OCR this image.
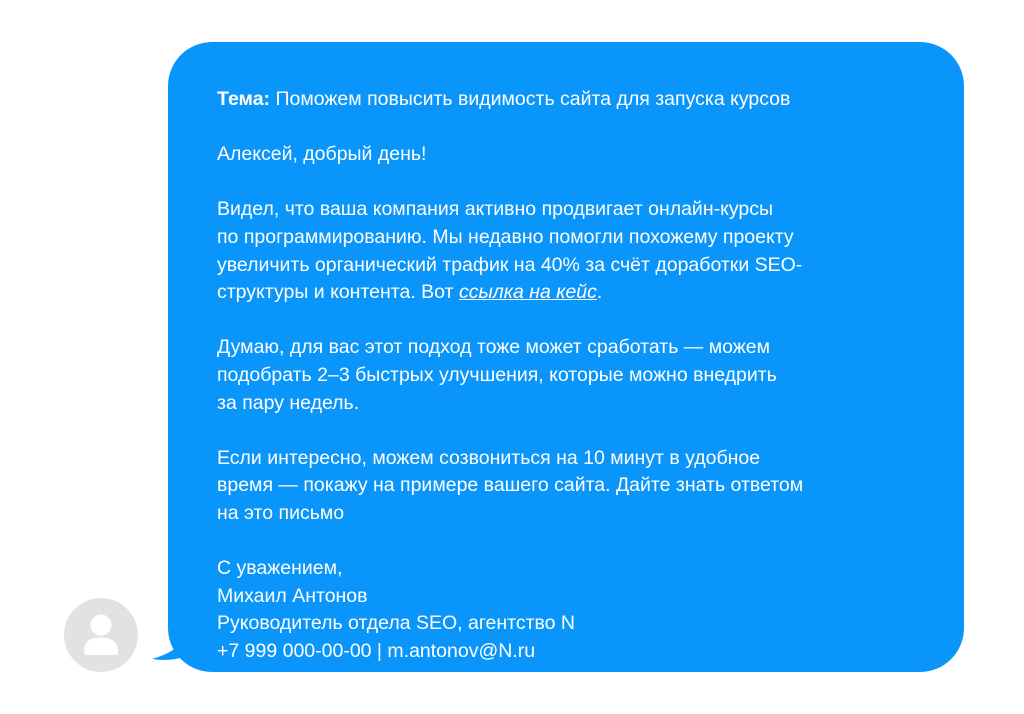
Тема: Поможем повысить видимость сайта для запуска курсов

Алексей, добрый день!

Видел, что ваша компания активно продвигает онлайн-курсы
по программированию. Мы недавно помогли похожему проекту
увеличить органический трафик на 40% за счёт доработки SEO-
структуры и контента. Вот ссылка на кейс.

Думаю, для вас этот подход тоже может сработать — можем
подобрать 2–3 быстрых улучшения, которые можно внедрить
за пару недель.

Если интересно, можем созвониться на 10 минут в удобное
время — покажу на примере вашего сайта. Дайте знать ответом
на это письмо

С уважением,
Михаил Антонов
Руководитель отдела SEO, агентство N
+7 999 000-00-00 | m.antonov@N.ru
